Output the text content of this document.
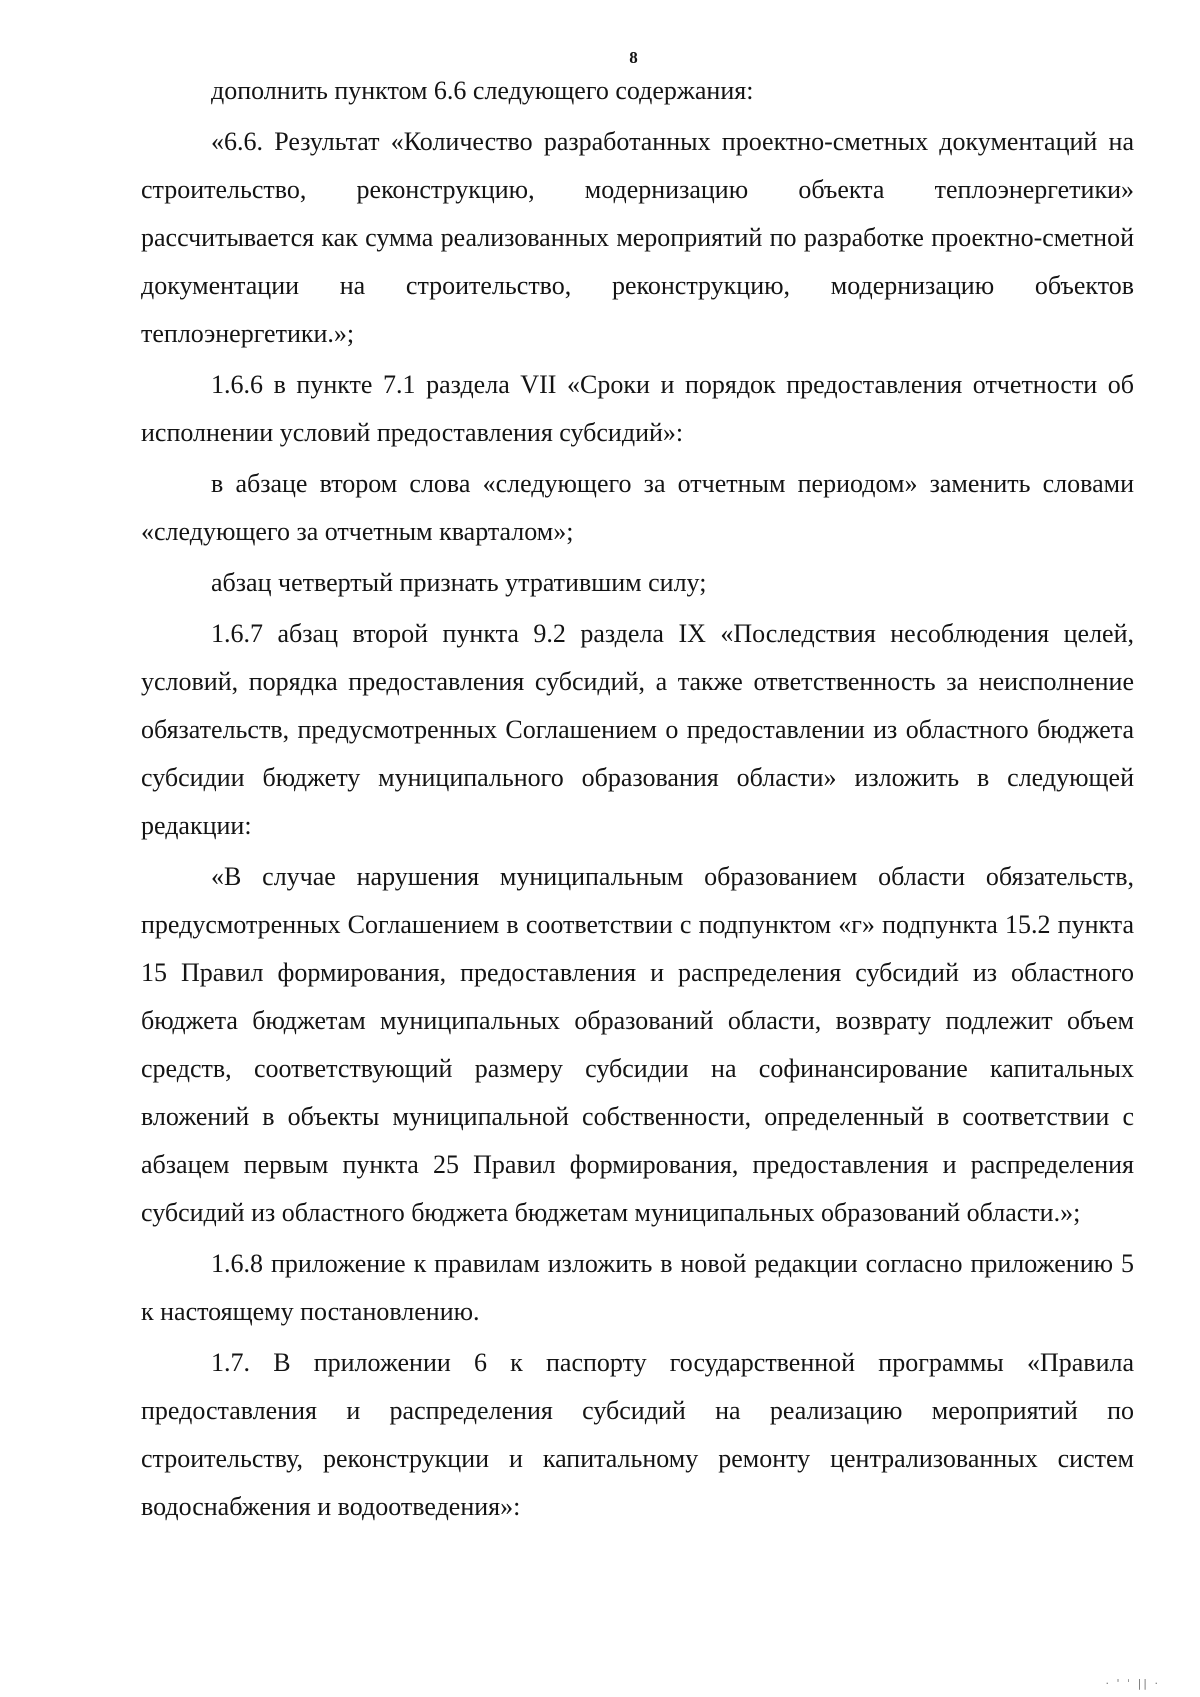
8

дополнить пунктом 6.6 следующего содержания:

«6.6. Результат «Количество разработанных проектно-сметных документаций на строительство, реконструкцию, модернизацию объекта теплоэнергетики» рассчитывается как сумма реализованных мероприятий по разработке проектно-сметной документации на строительство, реконструкцию, модернизацию объектов теплоэнергетики.»;

1.6.6 в пункте 7.1 раздела VII «Сроки и порядок предоставления отчетности об исполнении условий предоставления субсидий»:

в абзаце втором слова «следующего за отчетным периодом» заменить словами «следующего за отчетным кварталом»;

абзац четвертый признать утратившим силу;

1.6.7 абзац второй пункта 9.2 раздела IX «Последствия несоблюдения целей, условий, порядка предоставления субсидий, а также ответственность за неисполнение обязательств, предусмотренных Соглашением о предоставлении из областного бюджета субсидии бюджету муниципального образования области» изложить в следующей редакции:

«В случае нарушения муниципальным образованием области обязательств, предусмотренных Соглашением в соответствии с подпунктом «г» подпункта 15.2 пункта 15 Правил формирования, предоставления и распределения субсидий из областного бюджета бюджетам муниципальных образований области, возврату подлежит объем средств, соответствующий размеру субсидии на софинансирование капитальных вложений в объекты муниципальной собственности, определенный в соответствии с абзацем первым пункта 25 Правил формирования, предоставления и распределения субсидий из областного бюджета бюджетам муниципальных образований области.»;

1.6.8 приложение к правилам изложить в новой редакции согласно приложению 5 к настоящему постановлению.

1.7. В приложении 6 к паспорту государственной программы «Правила предоставления и распределения субсидий на реализацию мероприятий по строительству, реконструкции и капитальному ремонту централизованных систем водоснабжения и водоотведения»:

· ' ˈ || ·
